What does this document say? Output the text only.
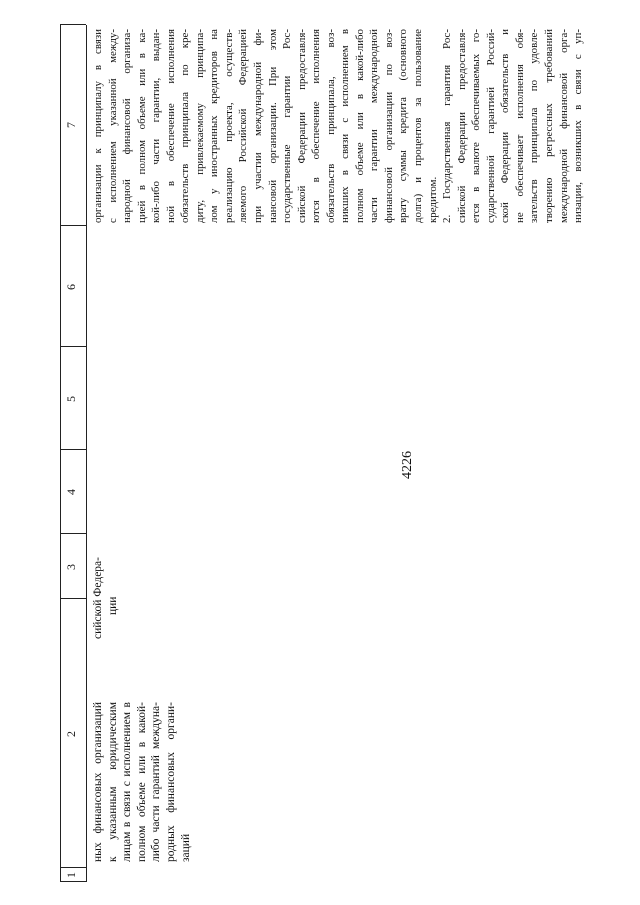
4226
1
2
3
4
5
6
7

ных финансовых организаций к указанным юридическим лицам в связи с исполнением в полном объеме или в какой- либо части гарантий междуна- родных финансовых органи- заций

сийской Федера- ции

организации к принципалу в связи с исполнением указанной между- народной финансовой организа- цией в полном объеме или в ка- кой-либо части гарантии, выдан- ной в обеспечение исполнения обязательств принципала по кре- диту, привлекаемому принципа- лом у иностранных кредиторов на реализацию проекта, осуществ- ляемого Российской Федерацией при участии международной фи- нансовой организации. При этом государственные гарантии Рос- сийской Федерации предоставля- ются в обеспечение исполнения обязательств принципала, воз- никших в связи с исполнением в полном объеме или в какой-либо части гарантии международной финансовой организации по воз- врату суммы кредита (основного долга) и процентов за пользование кредитом. 2. Государственная гарантия Рос- сийской Федерации предоставля- ется в валюте обеспечиваемых го- сударственной гарантией Россий- ской Федерации обязательств и не обеспечивает исполнения обя- зательств принципала по удовле- творению регрессных требований международной финансовой орга- низации, возникших в связи с уп-
